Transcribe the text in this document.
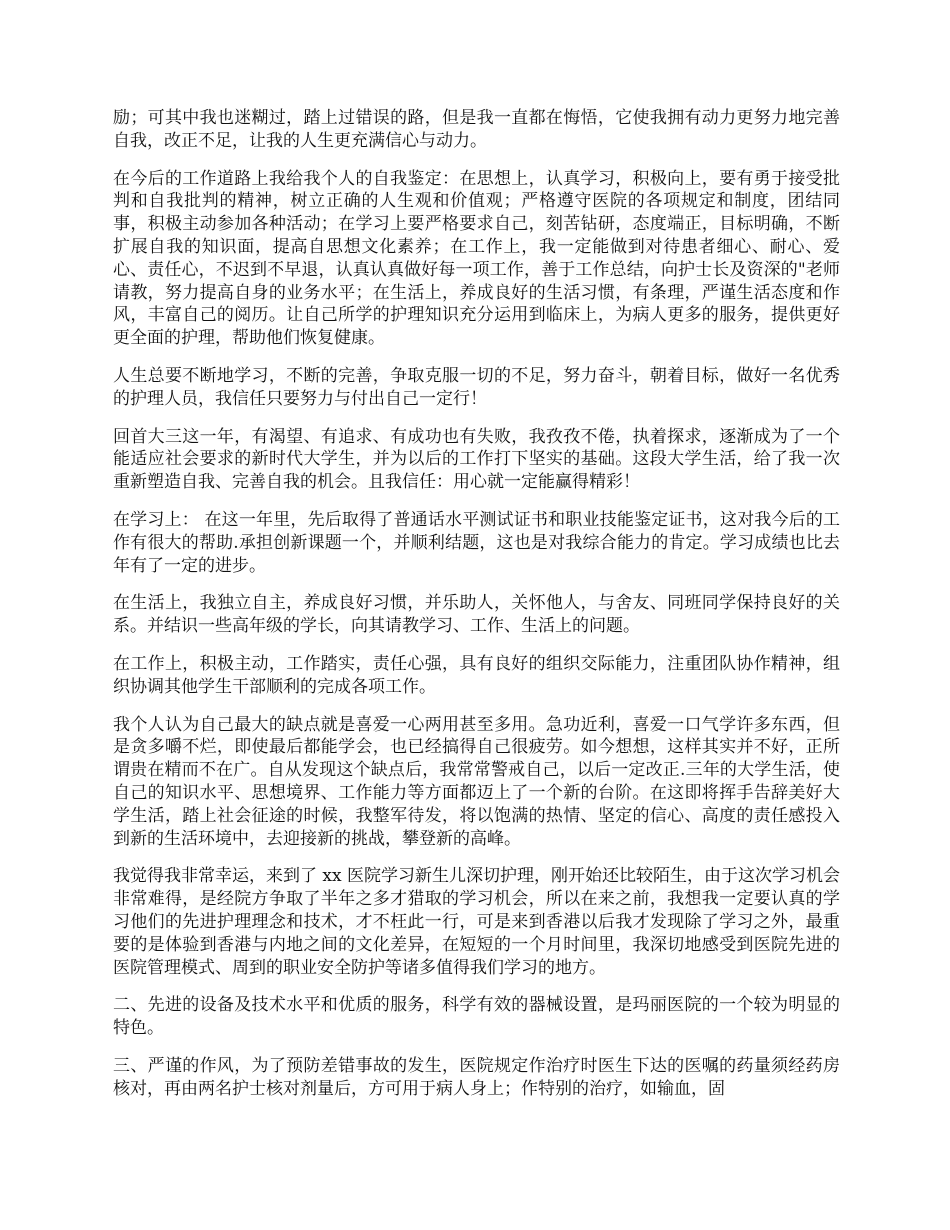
励；可其中我也迷糊过，踏上过错误的路，但是我一直都在悔悟，它使我拥有动力更努力地完善自我，改正不足，让我的人生更充满信心与动力。

在今后的工作道路上我给我个人的自我鉴定：在思想上，认真学习，积极向上，要有勇于接受批判和自我批判的精神，树立正确的人生观和价值观；严格遵守医院的各项规定和制度，团结同事，积极主动参加各种活动；在学习上要严格要求自己，刻苦钻研，态度端正，目标明确，不断扩展自我的知识面，提高自思想文化素养；在工作上，我一定能做到对待患者细心、耐心、爱心、责任心，不迟到不早退，认真认真做好每一项工作，善于工作总结，向护士长及资深的"老师请教，努力提高自身的业务水平；在生活上，养成良好的生活习惯，有条理，严谨生活态度和作风，丰富自己的阅历。让自己所学的护理知识充分运用到临床上，为病人更多的服务，提供更好更全面的护理，帮助他们恢复健康。

人生总要不断地学习，不断的完善，争取克服一切的不足，努力奋斗，朝着目标，做好一名优秀的护理人员，我信任只要努力与付出自己一定行！

回首大三这一年，有渴望、有追求、有成功也有失败，我孜孜不倦，执着探求，逐渐成为了一个能适应社会要求的新时代大学生，并为以后的工作打下坚实的基础。这段大学生活，给了我一次重新塑造自我、完善自我的机会。且我信任：用心就一定能赢得精彩！

在学习上： 在这一年里，先后取得了普通话水平测试证书和职业技能鉴定证书，这对我今后的工作有很大的帮助.承担创新课题一个，并顺利结题，这也是对我综合能力的肯定。学习成绩也比去年有了一定的进步。

在生活上，我独立自主，养成良好习惯，并乐助人，关怀他人，与舍友、同班同学保持良好的关系。并结识一些高年级的学长，向其请教学习、工作、生活上的问题。

在工作上，积极主动，工作踏实，责任心强，具有良好的组织交际能力，注重团队协作精神，组织协调其他学生干部顺利的完成各项工作。

我个人认为自己最大的缺点就是喜爱一心两用甚至多用。急功近利，喜爱一口气学许多东西，但是贪多嚼不烂，即使最后都能学会，也已经搞得自己很疲劳。如今想想，这样其实并不好，正所谓贵在精而不在广。自从发现这个缺点后，我常常警戒自己，以后一定改正.三年的大学生活，使自己的知识水平、思想境界、工作能力等方面都迈上了一个新的台阶。在这即将挥手告辞美好大学生活，踏上社会征途的时候，我整军待发，将以饱满的热情、坚定的信心、高度的责任感投入到新的生活环境中，去迎接新的挑战，攀登新的高峰。

我觉得我非常幸运，来到了 xx 医院学习新生儿深切护理，刚开始还比较陌生，由于这次学习机会非常难得，是经院方争取了半年之多才猎取的学习机会，所以在来之前，我想我一定要认真的学习他们的先进护理理念和技术，才不枉此一行，可是来到香港以后我才发现除了学习之外，最重要的是体验到香港与内地之间的文化差异，在短短的一个月时间里，我深切地感受到医院先进的医院管理模式、周到的职业安全防护等诸多值得我们学习的地方。

二、先进的设备及技术水平和优质的服务，科学有效的器械设置，是玛丽医院的一个较为明显的特色。

三、严谨的作风，为了预防差错事故的发生，医院规定作治疗时医生下达的医嘱的药量须经药房核对，再由两名护士核对剂量后，方可用于病人身上；作特别的治疗，如输血，固
